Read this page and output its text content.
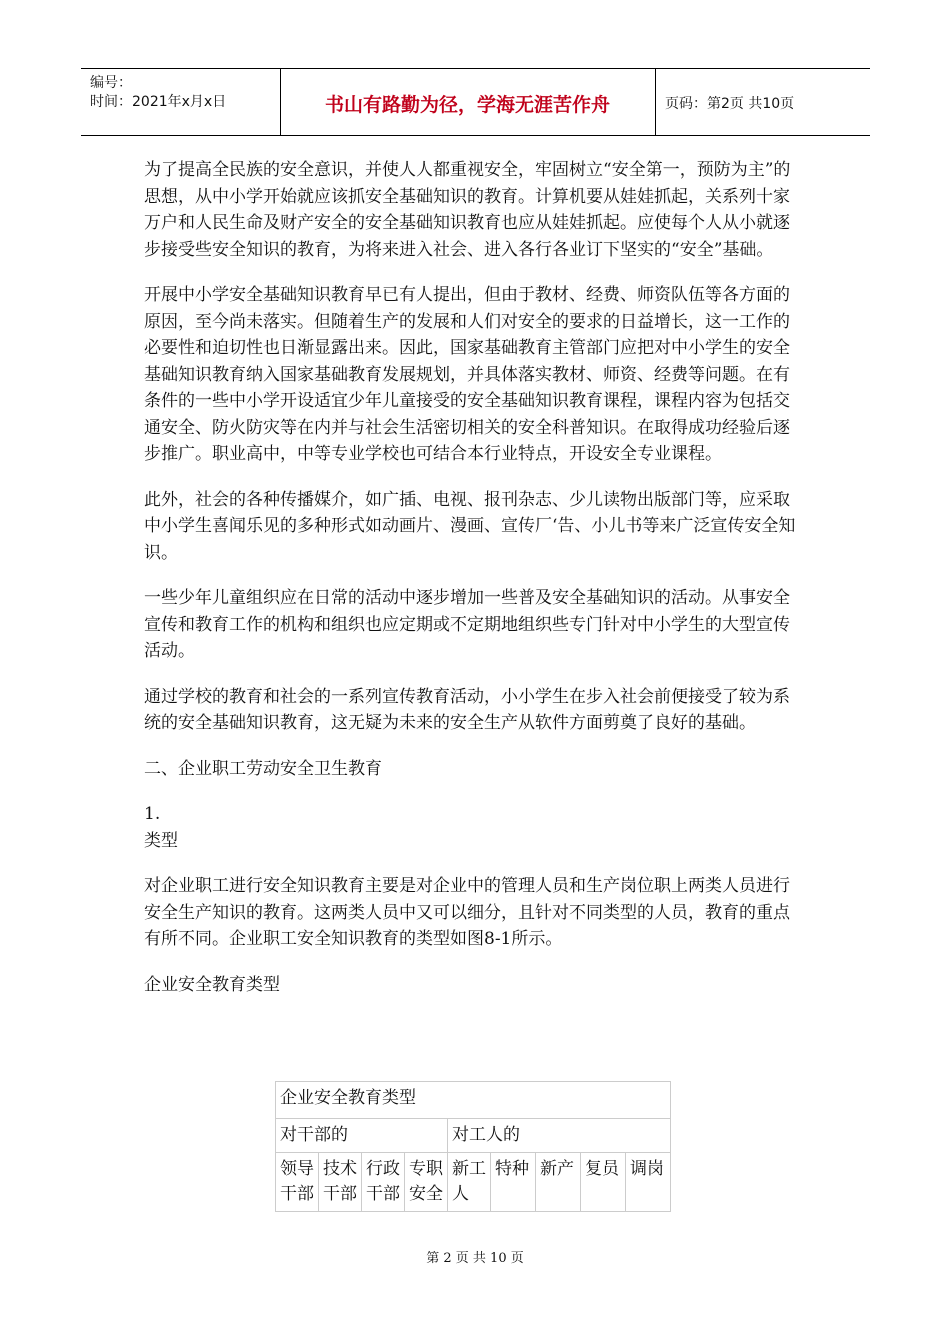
编号：
时间：2021年x月x日	书山有路勤为径，学海无涯苦作舟	页码：第2页 共10页

为了提高全民族的安全意识，并使人人都重视安全，牢固树立“安全第一，预防为主”的思想，从中小学开始就应该抓安全基础知识的教育。计算机要从娃娃抓起，关系列十家万户和人民生命及财产安全的安全基础知识教育也应从娃娃抓起。应使每个人从小就逐步接受些安全知识的教育，为将来进入社会、进入各行各业订下坚实的“安全”基础。

开展中小学安全基础知识教育早已有人提出，但由于教材、经费、师资队伍等各方面的原因，至今尚未落实。但随着生产的发展和人们对安全的要求的日益增长，这一工作的必要性和迫切性也日渐显露出来。因此，国家基础教育主管部门应把对中小学生的安全基础知识教育纳入国家基础教育发展规划，并具体落实教材、师资、经费等问题。在有条件的一些中小学开设适宜少年儿童接受的安全基础知识教育课程，课程内容为包括交通安全、防火防灾等在内并与社会生活密切相关的安全科普知识。在取得成功经验后逐步推广。职业高中，中等专业学校也可结合本行业特点，开设安全专业课程。

此外，社会的各种传播媒介，如广插、电视、报刊杂志、少儿读物出版部门等，应采取中小学生喜闻乐见的多种形式如动画片、漫画、宣传厂‘告、小儿书等来广泛宣传安全知识。

一些少年儿童组织应在日常的活动中逐步增加一些普及安全基础知识的活动。从事安全宣传和教育工作的机构和组织也应定期或不定期地组织些专门针对中小学生的大型宣传活动。

通过学校的教育和社会的一系列宣传教育活动，小小学生在步入社会前便接受了较为系统的安全基础知识教育，这无疑为未来的安全生产从软件方面剪奠了良好的基础。

二、企业职工劳动安全卫生教育

1.

类型

对企业职工进行安全知识教育主要是对企业中的管理人员和生产岗位职上两类人员进行安全生产知识的教育。这两类人员中又可以细分，且针对不同类型的人员，教育的重点有所不同。企业职工安全知识教育的类型如图8-1所示。

企业安全教育类型

企业安全教育类型								
对干部的				对工人的				
领导干部	技术干部	行政干部	专职安全	新工人	特种	新产	复员	调岗
第 2 页 共 10 页
